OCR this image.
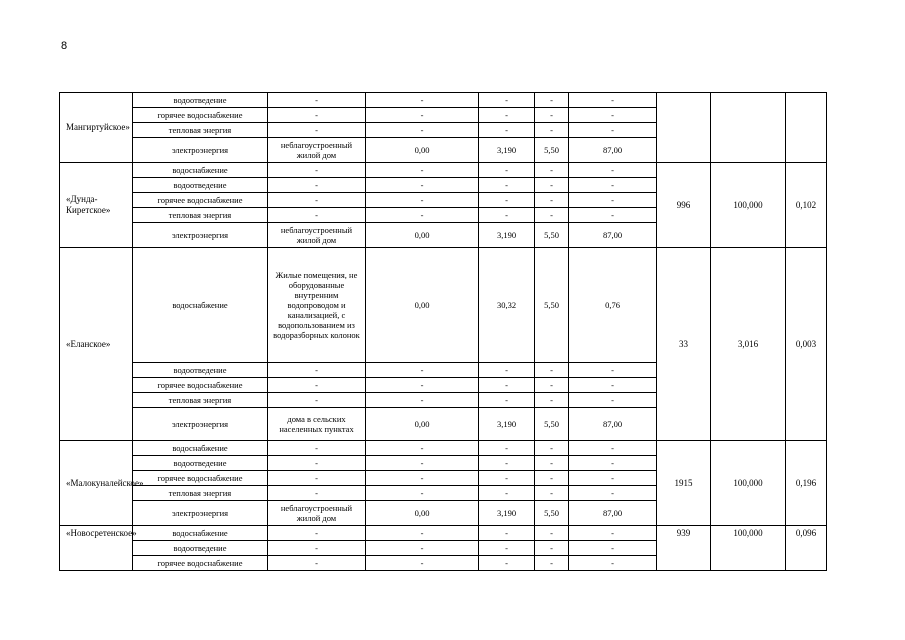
8
Мангиртуйское»	водоотведение	-	-	-	-	-			
	горячее водоснабжение	-	-	-	-	-			
	тепловая энергия	-	-	-	-	-			
	электроэнергия	неблагоустроенный жилой дом	0,00	3,190	5,50	87,00			
«Дунда-Киретское»	водоснабжение	-	-	-	-	-	996	100,000	0,102
	водоотведение	-	-	-	-	-			
	горячее водоснабжение	-	-	-	-	-			
	тепловая энергия	-	-	-	-	-			
	электроэнергия	неблагоустроенный жилой дом	0,00	3,190	5,50	87,00			
«Еланское»	водоснабжение	Жилые помещения, не оборудованные внутренним водопроводом и канализацией, с водопользованием из водоразборных колонок	0,00	30,32	5,50	0,76	33	3,016	0,003
	водоотведение	-	-	-	-	-			
	горячее водоснабжение	-	-	-	-	-			
	тепловая энергия	-	-	-	-	-			
	электроэнергия	дома в сельских населенных пунктах	0,00	3,190	5,50	87,00			
«Малокуналейское»	водоснабжение	-	-	-	-	-	1915	100,000	0,196
	водоотведение	-	-	-	-	-			
	горячее водоснабжение	-	-	-	-	-			
	тепловая энергия	-	-	-	-	-			
	электроэнергия	неблагоустроенный жилой дом	0,00	3,190	5,50	87,00			
«Новосретенское»	водоснабжение	-	-	-	-	-	939	100,000	0,096
	водоотведение	-	-	-	-	-			
	горячее водоснабжение	-	-	-	-	-			
